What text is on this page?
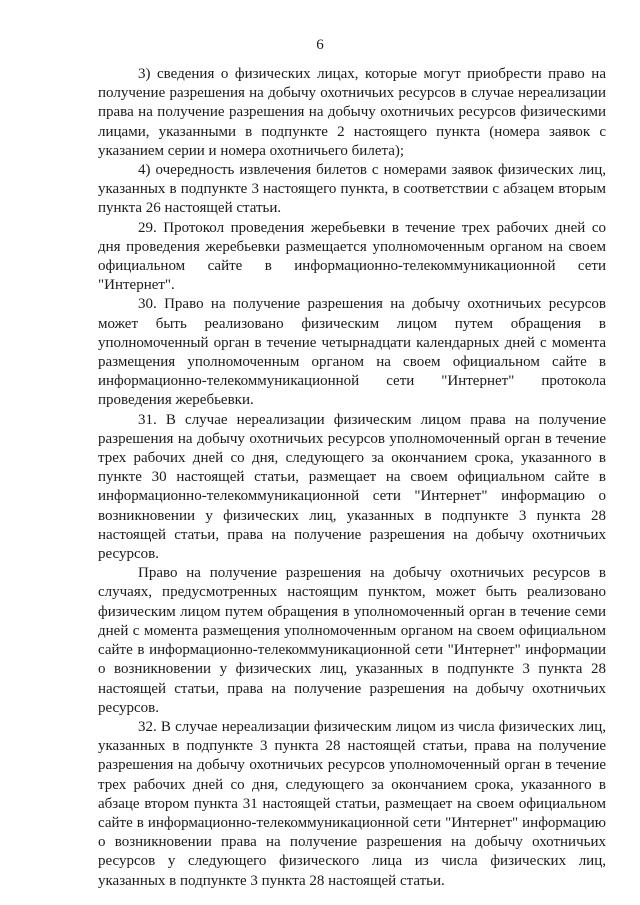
6

3) сведения о физических лицах, которые могут приобрести право на получение разрешения на добычу охотничьих ресурсов в случае нереализации права на получение разрешения на добычу охотничьих ресурсов физическими лицами, указанными в подпункте 2 настоящего пункта (номера заявок с указанием серии и номера охотничьего билета);

4) очередность извлечения билетов с номерами заявок физических лиц, указанных в подпункте 3 настоящего пункта, в соответствии с абзацем вторым пункта 26 настоящей статьи.

29. Протокол проведения жеребьевки в течение трех рабочих дней со дня проведения жеребьевки размещается уполномоченным органом на своем официальном сайте в информационно-телекоммуникационной сети "Интернет".

30. Право на получение разрешения на добычу охотничьих ресурсов может быть реализовано физическим лицом путем обращения в уполномоченный орган в течение четырнадцати календарных дней с момента размещения уполномоченным органом на своем официальном сайте в информационно-телекоммуникационной сети "Интернет" протокола проведения жеребьевки.

31. В случае нереализации физическим лицом права на получение разрешения на добычу охотничьих ресурсов уполномоченный орган в течение трех рабочих дней со дня, следующего за окончанием срока, указанного в пункте 30 настоящей статьи, размещает на своем официальном сайте в информационно-телекоммуникационной сети "Интернет" информацию о возникновении у физических лиц, указанных в подпункте 3 пункта 28 настоящей статьи, права на получение разрешения на добычу охотничьих ресурсов.

Право на получение разрешения на добычу охотничьих ресурсов в случаях, предусмотренных настоящим пунктом, может быть реализовано физическим лицом путем обращения в уполномоченный орган в течение семи дней с момента размещения уполномоченным органом на своем официальном сайте в информационно-телекоммуникационной сети "Интернет" информации о возникновении у физических лиц, указанных в подпункте 3 пункта 28 настоящей статьи, права на получение разрешения на добычу охотничьих ресурсов.

32. В случае нереализации физическим лицом из числа физических лиц, указанных в подпункте 3 пункта 28 настоящей статьи, права на получение разрешения на добычу охотничьих ресурсов уполномоченный орган в течение трех рабочих дней со дня, следующего за окончанием срока, указанного в абзаце втором пункта 31 настоящей статьи, размещает на своем официальном сайте в информационно-телекоммуникационной сети "Интернет" информацию о возникновении права на получение разрешения на добычу охотничьих ресурсов у следующего физического лица из числа физических лиц, указанных в подпункте 3 пункта 28 настоящей статьи.
